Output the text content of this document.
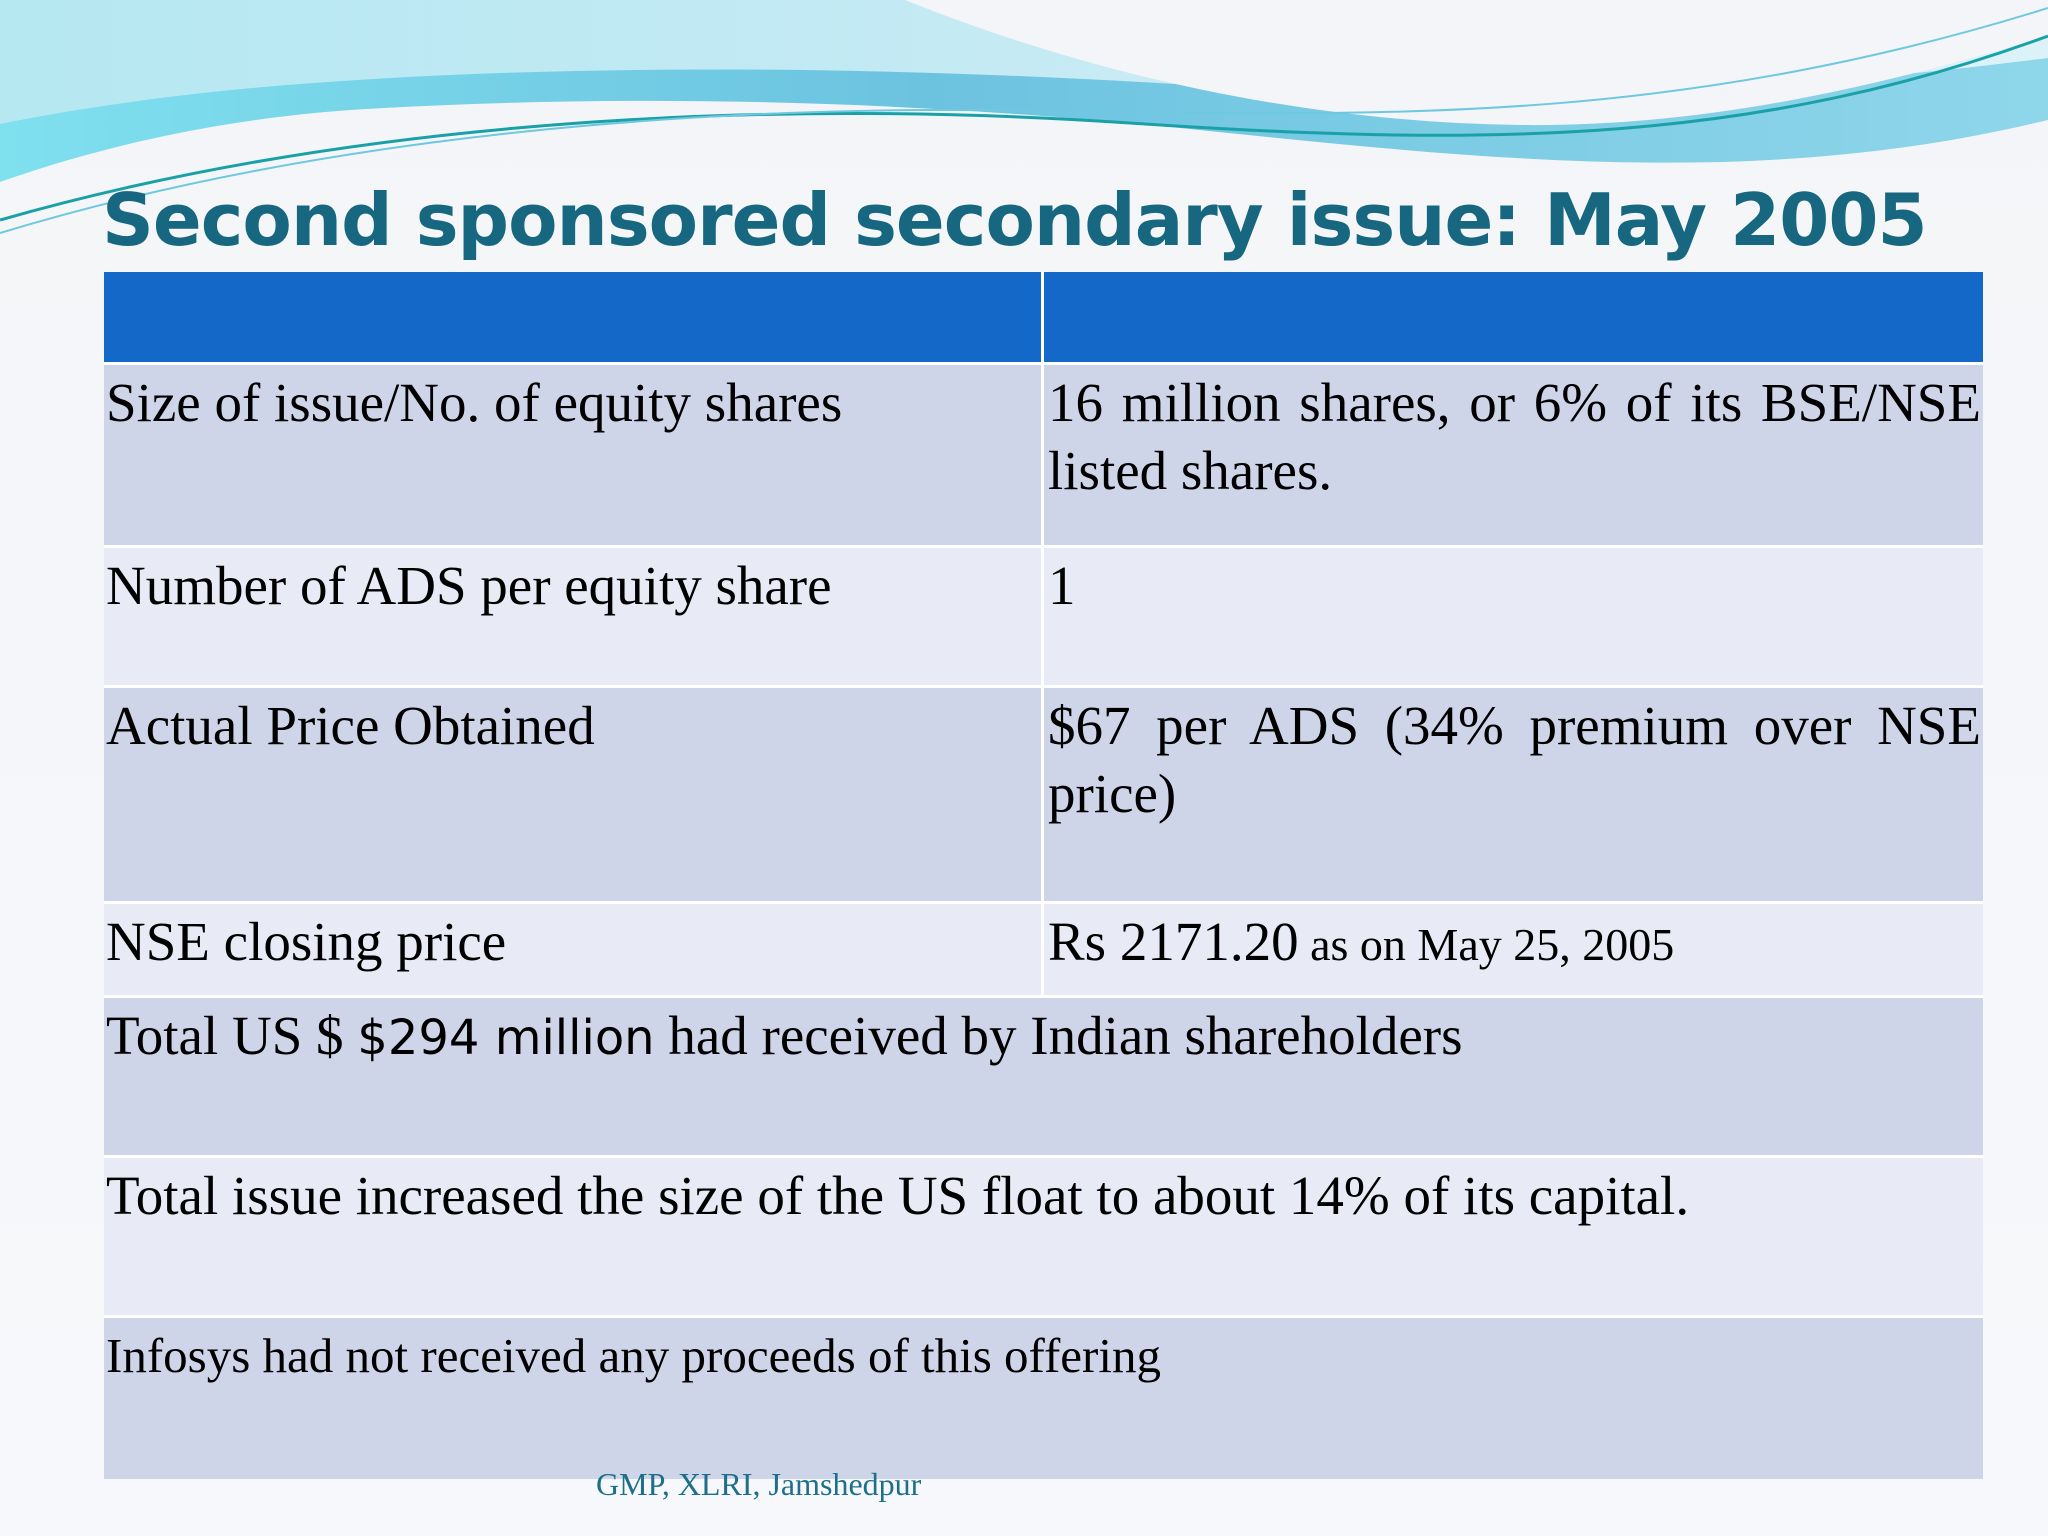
Second sponsored secondary issue: May 2005
Size of issue/No. of equity shares	16 million shares, or 6% of its BSE/NSE listed shares.
Number of ADS per equity share	1
Actual Price Obtained	$67 per ADS (34% premium over NSE price)
NSE closing price	Rs 2171.20 as on May 25, 2005
Total US $ $294 million had received by Indian shareholders
Total issue increased the size of the US float to about 14% of its capital.
Infosys had not received any proceeds of this offering
GMP, XLRI, Jamshedpur
